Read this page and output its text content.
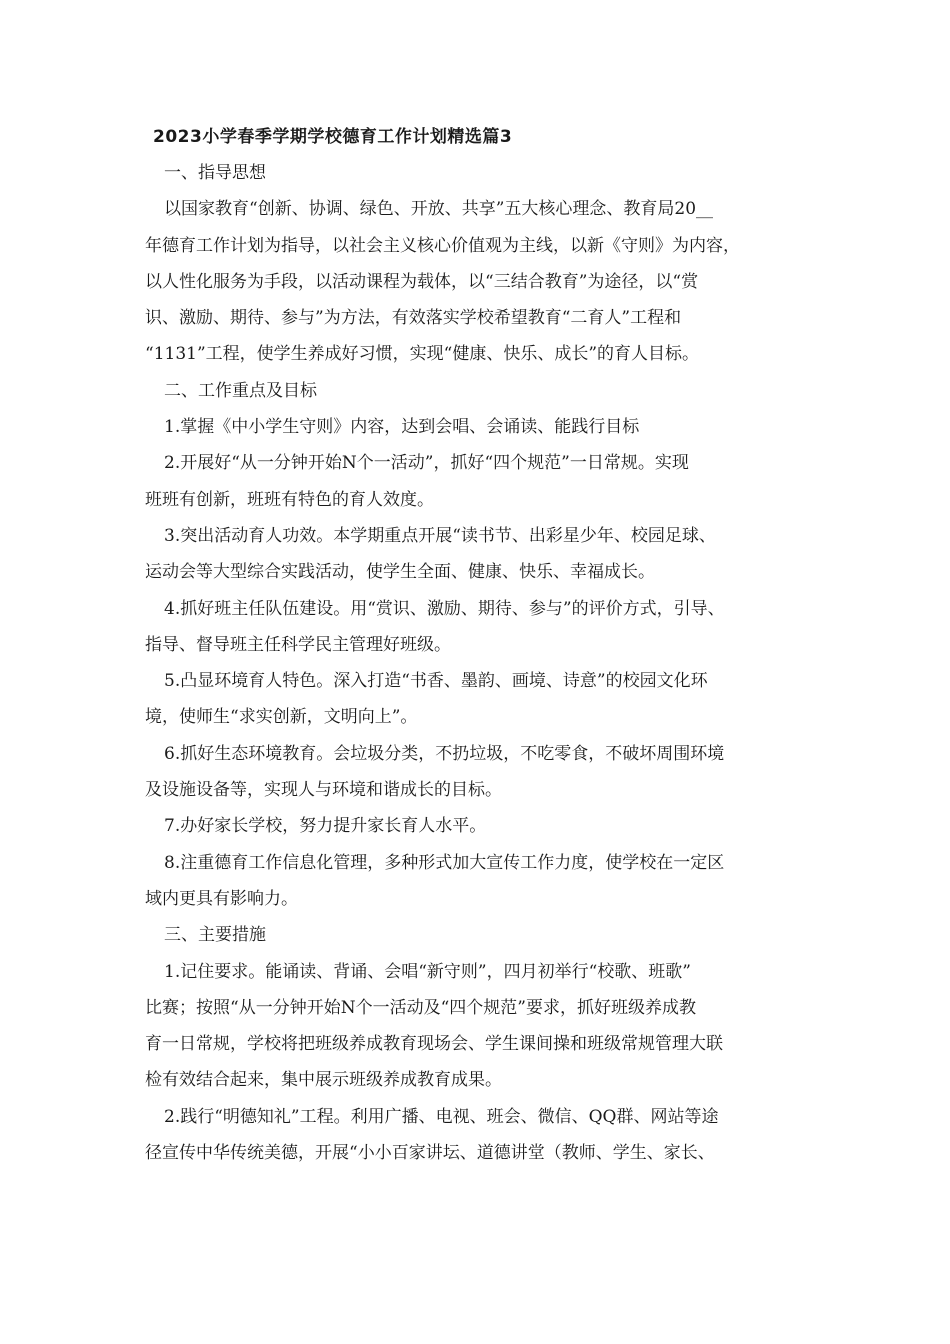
2023小学春季学期学校德育工作计划精选篇3
一、指导思想
以国家教育“创新、协调、绿色、开放、共享”五大核心理念、教育局20__
年德育工作计划为指导，以社会主义核心价值观为主线，以新《守则》为内容，
以人性化服务为手段，以活动课程为载体，以“三结合教育”为途径，以“赏
识、激励、期待、参与”为方法，有效落实学校希望教育“二育人”工程和
“1131”工程，使学生养成好习惯，实现“健康、快乐、成长”的育人目标。
二、工作重点及目标
1.掌握《中小学生守则》内容，达到会唱、会诵读、能践行目标
2.开展好“从一分钟开始N个一活动”，抓好“四个规范”一日常规。实现
班班有创新，班班有特色的育人效度。
3.突出活动育人功效。本学期重点开展“读书节、出彩星少年、校园足球、
运动会等大型综合实践活动，使学生全面、健康、快乐、幸福成长。
4.抓好班主任队伍建设。用“赏识、激励、期待、参与”的评价方式，引导、
指导、督导班主任科学民主管理好班级。
5.凸显环境育人特色。深入打造“书香、墨韵、画境、诗意”的校园文化环
境，使师生“求实创新，文明向上”。
6.抓好生态环境教育。会垃圾分类，不扔垃圾，不吃零食，不破坏周围环境
及设施设备等，实现人与环境和谐成长的目标。
7.办好家长学校，努力提升家长育人水平。
8.注重德育工作信息化管理，多种形式加大宣传工作力度，使学校在一定区
域内更具有影响力。
三、主要措施
1.记住要求。能诵读、背诵、会唱“新守则”，四月初举行“校歌、班歌”
比赛；按照“从一分钟开始N个一活动及“四个规范”要求，抓好班级养成教
育一日常规，学校将把班级养成教育现场会、学生课间操和班级常规管理大联
检有效结合起来，集中展示班级养成教育成果。
2.践行“明德知礼”工程。利用广播、电视、班会、微信、QQ群、网站等途
径宣传中华传统美德，开展“小小百家讲坛、道德讲堂（教师、学生、家长、
